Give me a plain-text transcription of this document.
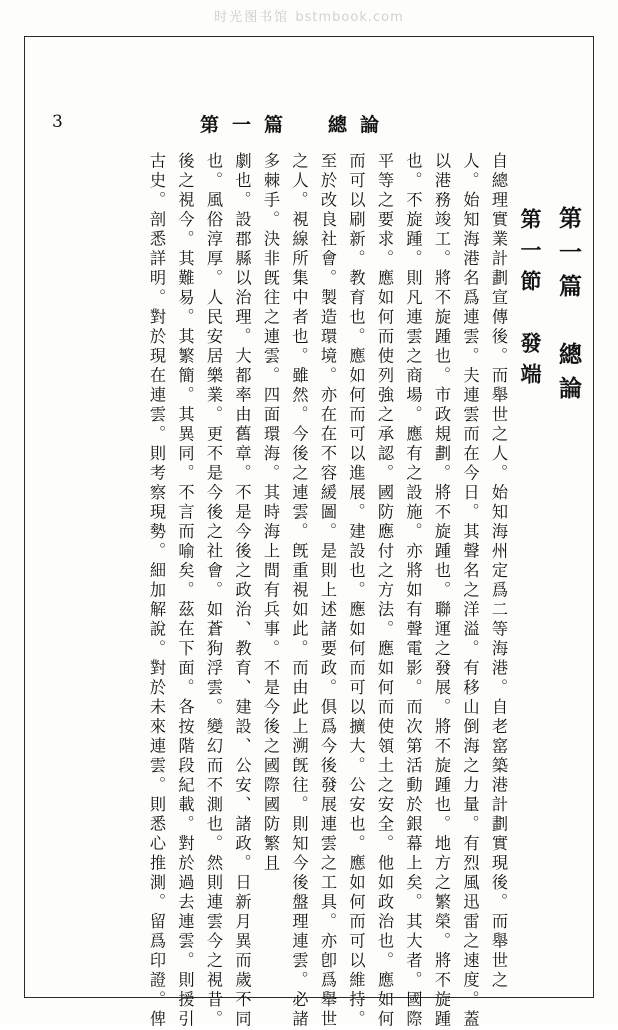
时光图书馆 bstmbook.com
3	第一篇　總論
第一篇　總論
第一節　發端
自總理實業計劃宣傳後。而舉世之人。始知海州定爲二等海港。自老窰築港計劃實現後。而舉世之
人。始知海港名爲連雲。夫連雲而在今日。其聲名之洋溢。有移山倒海之力量。有烈風迅雷之速度。蓋
以港務竣工。將不旋踵也。市政規劃。將不旋踵也。聯運之發展。將不旋踵也。地方之繁榮。將不旋踵
也。不旋踵。則凡連雲之商場。應有之設施。亦將如有聲電影。而次第活動於銀幕上矣。其大者。國際
平等之要求。應如何而使列強之承認。國防應付之方法。應如何而使領土之安全。他如政治也。應如何
而可以刷新。教育也。應如何而可以進展。建設也。應如何而可以擴大。公安也。應如何而可以維持。
至於改良社會。製造環境。亦在在不容緩圖。是則上述諸要政。俱爲今後發展連雲之工具。亦卽爲舉世
之人。視線所集中者也。雖然。今後之連雲。旣重視如此。而由此上溯旣往。則知今後盤理連雲。必諸
多棘手。決非旣往之連雲。四面環海。其時海上間有兵事。不是今後之國際國防繁且
劇也。設郡縣以治理。大都率由舊章。不是今後之政治、教育、建設、公安、諸政。日新月異而歲不同
也。風俗淳厚。人民安居樂業。更不是今後之社會。如蒼狗浮雲。變幻而不測也。然則連雲今之視昔。
後之視今。其難易。其繁簡。其異同。不言而喻矣。茲在下面。各按階段紀載。對於過去連雲。則援引
古史。剖悉詳明。對於現在連雲。則考察現勢。細加解說。對於未來連雲。則悉心推測。留爲印證。俾
